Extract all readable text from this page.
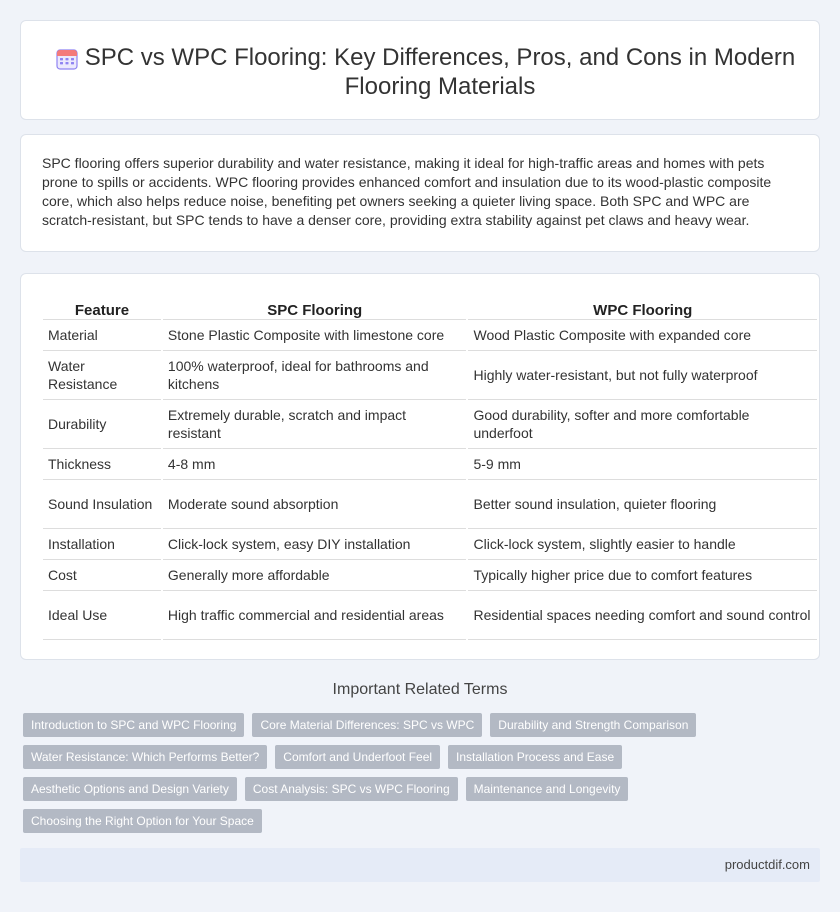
SPC vs WPC Flooring: Key Differences, Pros, and Cons in Modern Flooring Materials

SPC flooring offers superior durability and water resistance, making it ideal for high-traffic areas and homes with pets prone to spills or accidents. WPC flooring provides enhanced comfort and insulation due to its wood-plastic composite core, which also helps reduce noise, benefiting pet owners seeking a quieter living space. Both SPC and WPC are scratch-resistant, but SPC tends to have a denser core, providing extra stability against pet claws and heavy wear.

Feature	SPC Flooring	WPC Flooring
Material	Stone Plastic Composite with limestone core	Wood Plastic Composite with expanded core
Water Resistance	100% waterproof, ideal for bathrooms and kitchens	Highly water-resistant, but not fully waterproof
Durability	Extremely durable, scratch and impact resistant	Good durability, softer and more comfortable underfoot
Thickness	4-8 mm	5-9 mm
Sound Insulation	Moderate sound absorption	Better sound insulation, quieter flooring
Installation	Click-lock system, easy DIY installation	Click-lock system, slightly easier to handle
Cost	Generally more affordable	Typically higher price due to comfort features
Ideal Use	High traffic commercial and residential areas	Residential spaces needing comfort and sound control
Important Related Terms
Introduction to SPC and WPC Flooring	Core Material Differences: SPC vs WPC	Durability and Strength Comparison
Water Resistance: Which Performs Better?	Comfort and Underfoot Feel	Installation Process and Ease
Aesthetic Options and Design Variety	Cost Analysis: SPC vs WPC Flooring	Maintenance and Longevity
Choosing the Right Option for Your Space
productdif.com
